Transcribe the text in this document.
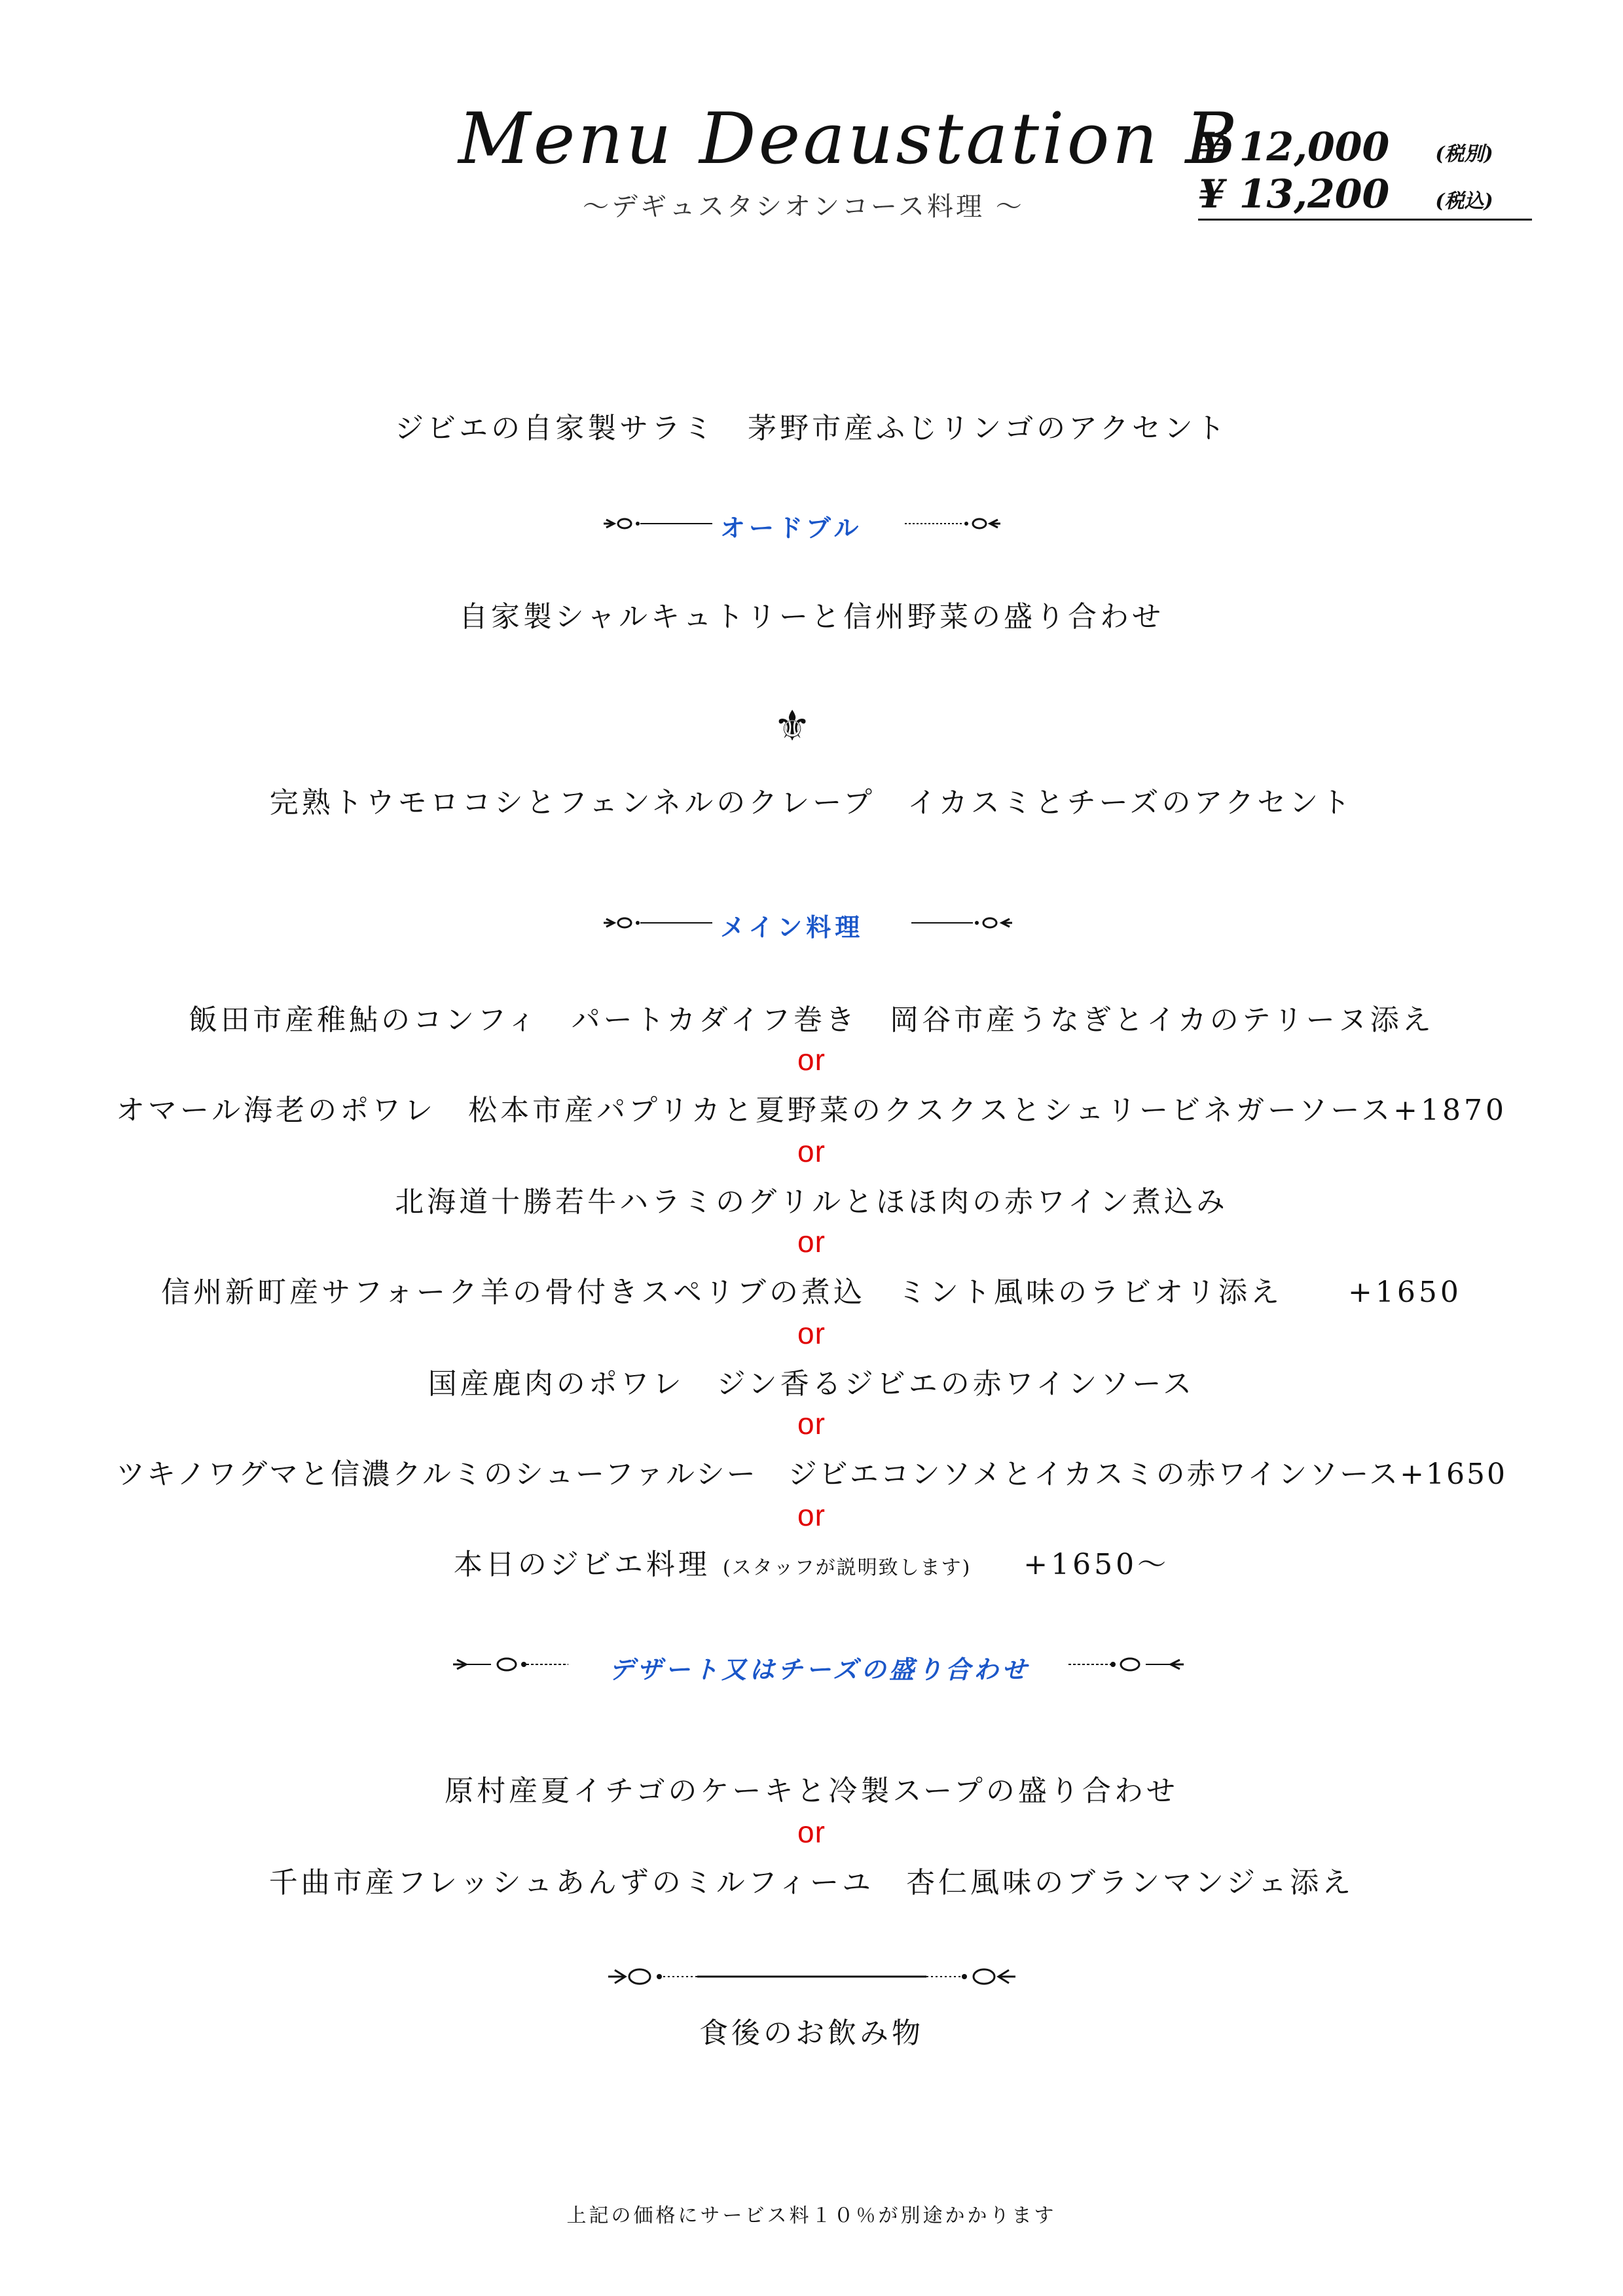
Menu Deaustation B
〜デギュスタシオンコース料理 〜
¥ 12,000 (税別)
¥ 13,200 (税込)
ジビエの自家製サラミ　茅野市産ふじリンゴのアクセント
オードブル
自家製シャルキュトリーと信州野菜の盛り合わせ
⚜
完熟トウモロコシとフェンネルのクレープ　イカスミとチーズのアクセント
メイン料理
飯田市産稚鮎のコンフィ　パートカダイフ巻き　岡谷市産うなぎとイカのテリーヌ添え
or
オマール海老のポワレ　松本市産パプリカと夏野菜のクスクスとシェリービネガーソース+1870
or
北海道十勝若牛ハラミのグリルとほほ肉の赤ワイン煮込み
or
信州新町産サフォーク羊の骨付きスペリブの煮込　ミント風味のラビオリ添え +1650
or
国産鹿肉のポワレ　ジン香るジビエの赤ワインソース
or
ツキノワグマと信濃クルミのシューファルシー　ジビエコンソメとイカスミの赤ワインソース+1650
or
本日のジビエ料理 (スタッフが説明致します) +1650〜
デザート又はチーズの盛り合わせ
原村産夏イチゴのケーキと冷製スープの盛り合わせ
or
千曲市産フレッシュあんずのミルフィーユ　杏仁風味のブランマンジェ添え
食後のお飲み物
上記の価格にサービス料１０％が別途かかります
